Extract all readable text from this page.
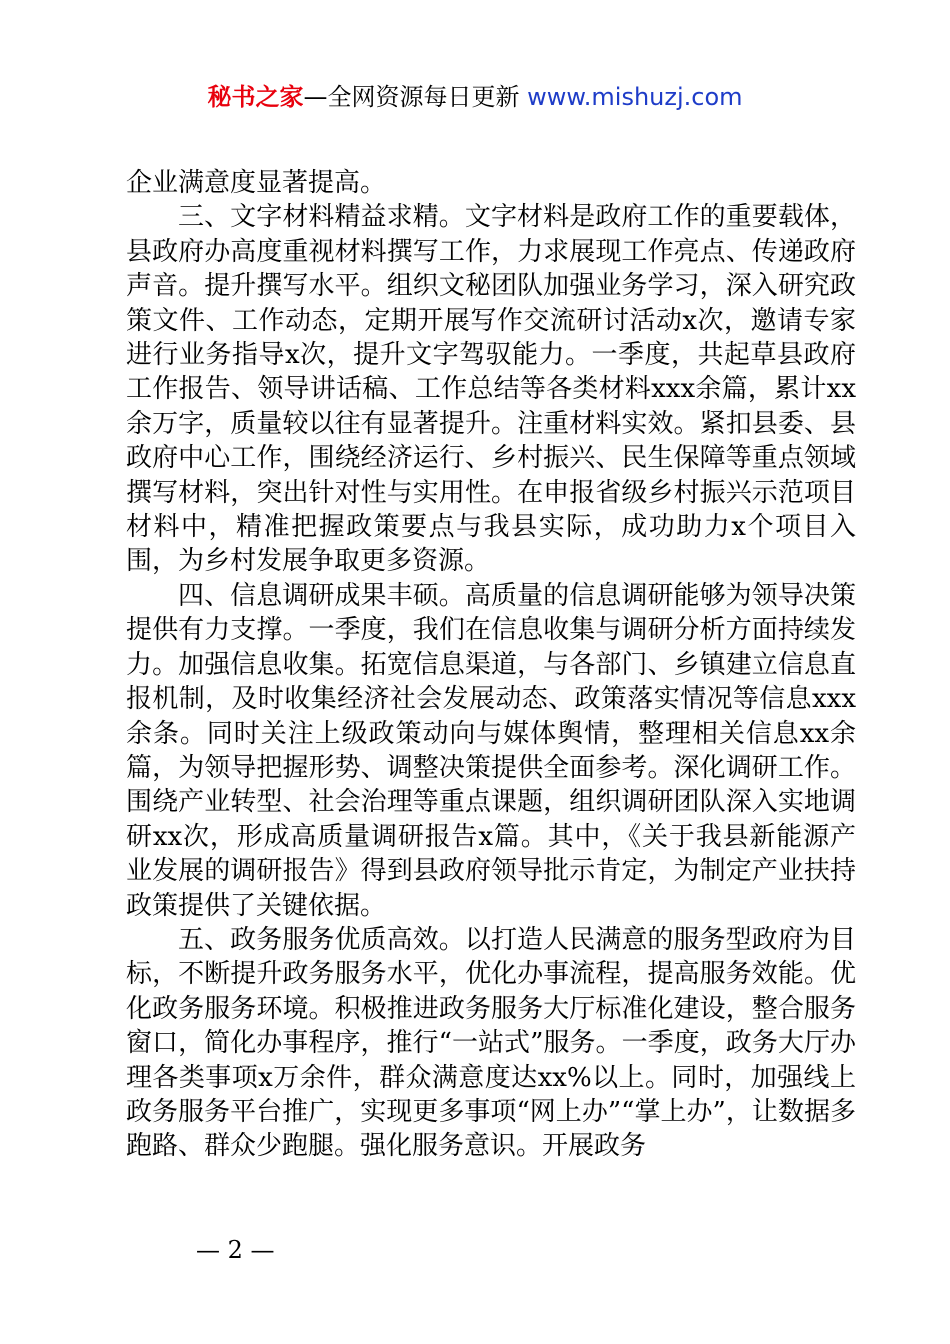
秘书之家—全网资源每日更新 www.mishuzj.com

企业满意度显著提高。

三、文字材料精益求精。文字材料是政府工作的重要载体，县政府办高度重视材料撰写工作，力求展现工作亮点、传递政府声音。提升撰写水平。组织文秘团队加强业务学习，深入研究政策文件、工作动态，定期开展写作交流研讨活动x次，邀请专家进行业务指导x次，提升文字驾驭能力。一季度，共起草县政府工作报告、领导讲话稿、工作总结等各类材料xxx余篇，累计xx余万字，质量较以往有显著提升。注重材料实效。紧扣县委、县政府中心工作，围绕经济运行、乡村振兴、民生保障等重点领域撰写材料，突出针对性与实用性。在申报省级乡村振兴示范项目材料中，精准把握政策要点与我县实际，成功助力x个项目入围，为乡村发展争取更多资源。

四、信息调研成果丰硕。高质量的信息调研能够为领导决策提供有力支撑。一季度，我们在信息收集与调研分析方面持续发力。加强信息收集。拓宽信息渠道，与各部门、乡镇建立信息直报机制，及时收集经济社会发展动态、政策落实情况等信息xxx余条。同时关注上级政策动向与媒体舆情，整理相关信息xx余篇，为领导把握形势、调整决策提供全面参考。深化调研工作。围绕产业转型、社会治理等重点课题，组织调研团队深入实地调研xx次，形成高质量调研报告x篇。其中，《关于我县新能源产业发展的调研报告》得到县政府领导批示肯定，为制定产业扶持政策提供了关键依据。

五、政务服务优质高效。以打造人民满意的服务型政府为目标，不断提升政务服务水平，优化办事流程，提高服务效能。优化政务服务环境。积极推进政务服务大厅标准化建设，整合服务窗口，简化办事程序，推行“一站式”服务。一季度，政务大厅办理各类事项x万余件，群众满意度达xx%以上。同时，加强线上政务服务平台推广，实现更多事项“网上办”“掌上办”，让数据多跑路、群众少跑腿。强化服务意识。开展政务

— 2 —
